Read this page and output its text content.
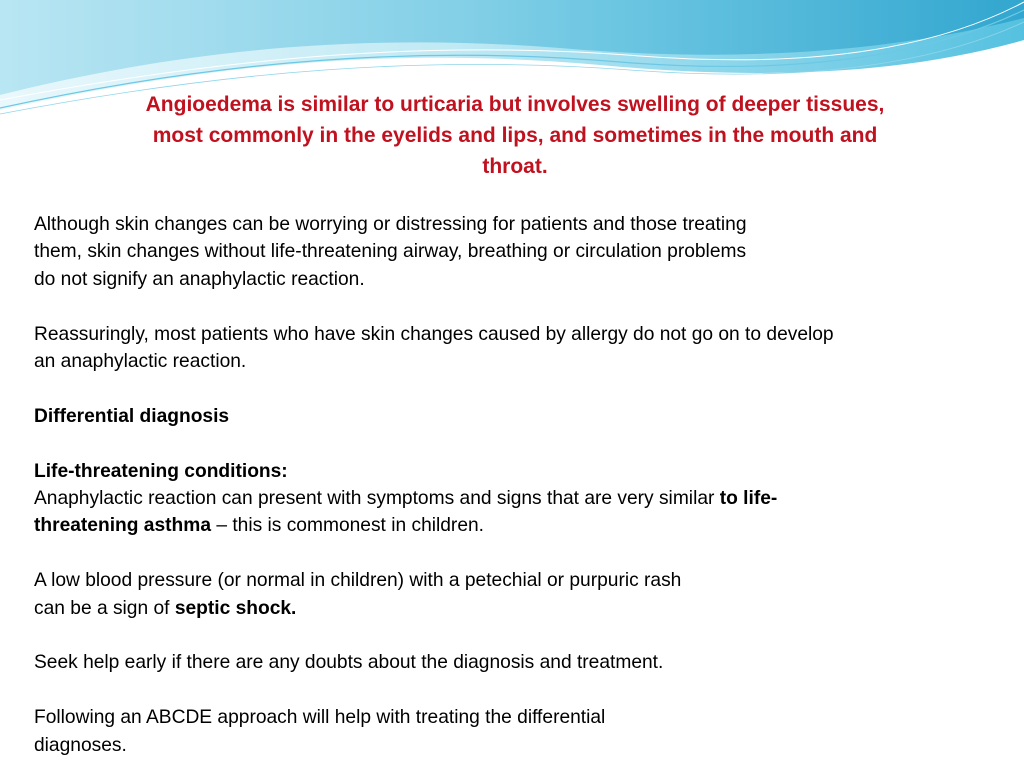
Angioedema is similar to urticaria but involves swelling of deeper tissues,
most commonly in the eyelids and lips, and sometimes in the mouth and
throat.
Although skin changes can be worrying or distressing for patients and those treating
them, skin changes without life-threatening airway, breathing or circulation problems
do not signify an anaphylactic reaction.
Reassuringly, most patients who have skin changes caused by allergy do not go on to develop
an anaphylactic reaction.
Differential diagnosis
Life-threatening conditions:
Anaphylactic reaction can present with symptoms and signs that are very similar to life-
threatening asthma – this is commonest in children.
A low blood pressure (or normal in children) with a petechial or purpuric rash
can be a sign of septic shock.
Seek help early if there are any doubts about the diagnosis and treatment.
Following an ABCDE approach will help with treating the differential
diagnoses.
